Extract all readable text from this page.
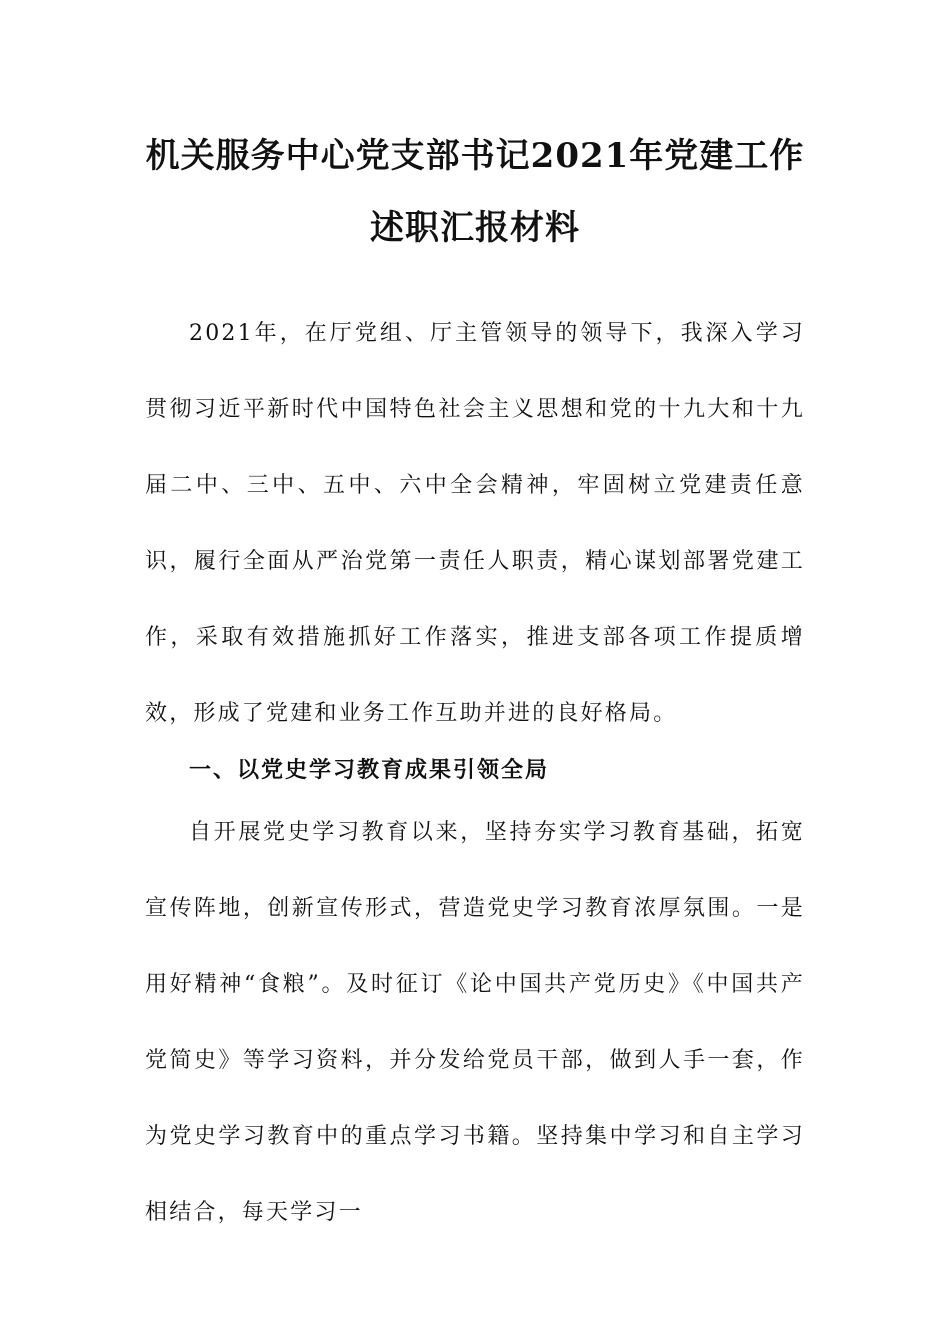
机关服务中心党支部书记2021年党建工作
述职汇报材料

2021年，在厅党组、厅主管领导的领导下，我深入学习贯彻习近平新时代中国特色社会主义思想和党的十九大和十九届二中、三中、五中、六中全会精神，牢固树立党建责任意识，履行全面从严治党第一责任人职责，精心谋划部署党建工作，采取有效措施抓好工作落实，推进支部各项工作提质增效，形成了党建和业务工作互助并进的良好格局。

一、以党史学习教育成果引领全局

自开展党史学习教育以来，坚持夯实学习教育基础，拓宽宣传阵地，创新宣传形式，营造党史学习教育浓厚氛围。一是用好精神“食粮”。及时征订《论中国共产党历史》《中国共产党简史》等学习资料，并分发给党员干部，做到人手一套，作为党史学习教育中的重点学习书籍。坚持集中学习和自主学习相结合，每天学习一
